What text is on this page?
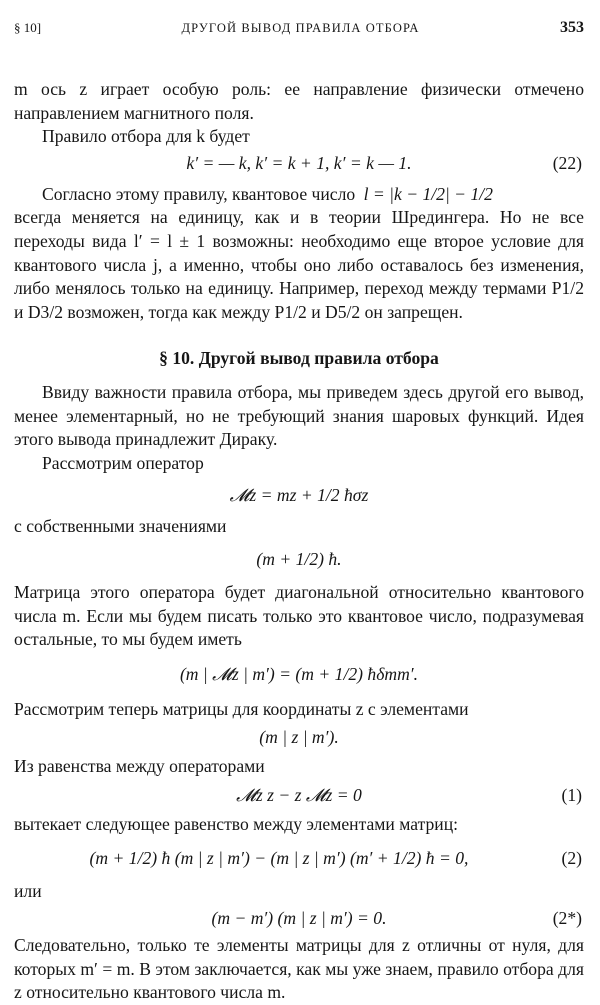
§ 10]	ДРУГОЙ ВЫВОД ПРАВИЛА ОТБОРА	353

m ось z играет особую роль: ее направление физически отмечено направлением магнитного поля.

Правило отбора для k будет

k′ = — k, k′ = k + 1, k′ = k — 1.	(22)

Согласно этому правилу, квантовое число l = |k − 1/2| − 1/2

всегда меняется на единицу, как и в теории Шредингера. Но не все переходы вида l′ = l ± 1 возможны: необходимо еще второе условие для квантового числа j, а именно, чтобы оно либо оставалось без изменения, либо менялось только на единицу. Например, переход между термами P1/2 и D3/2 возможен, тогда как между P1/2 и D5/2 он запрещен.

§ 10. Другой вывод правила отбора

Ввиду важности правила отбора, мы приведем здесь другой его вывод, менее элементарный, но не требующий знания шаровых функций. Идея этого вывода принадлежит Дираку.

Рассмотрим оператор

𝓜z = mz + 1/2 ħσz

с собственными значениями

(m + 1/2) ħ.

Матрица этого оператора будет диагональной относительно квантового числа m. Если мы будем писать только это квантовое число, подразумевая остальные, то мы будем иметь

(m | 𝓜z | m′) = (m + 1/2) ħδmm′.

Рассмотрим теперь матрицы для координаты z с элементами

(m | z | m′).

Из равенства между операторами

𝓜z z − z 𝓜z = 0	(1)

вытекает следующее равенство между элементами матриц:

(m + 1/2) ħ (m | z | m′) − (m | z | m′) (m′ + 1/2) ħ = 0,	(2)

или

(m − m′) (m | z | m′) = 0.	(2*)

Следовательно, только те элементы матрицы для z отличны от нуля, для которых m′ = m. В этом заключается, как мы уже знаем, правило отбора для z относительно квантового числа m.
